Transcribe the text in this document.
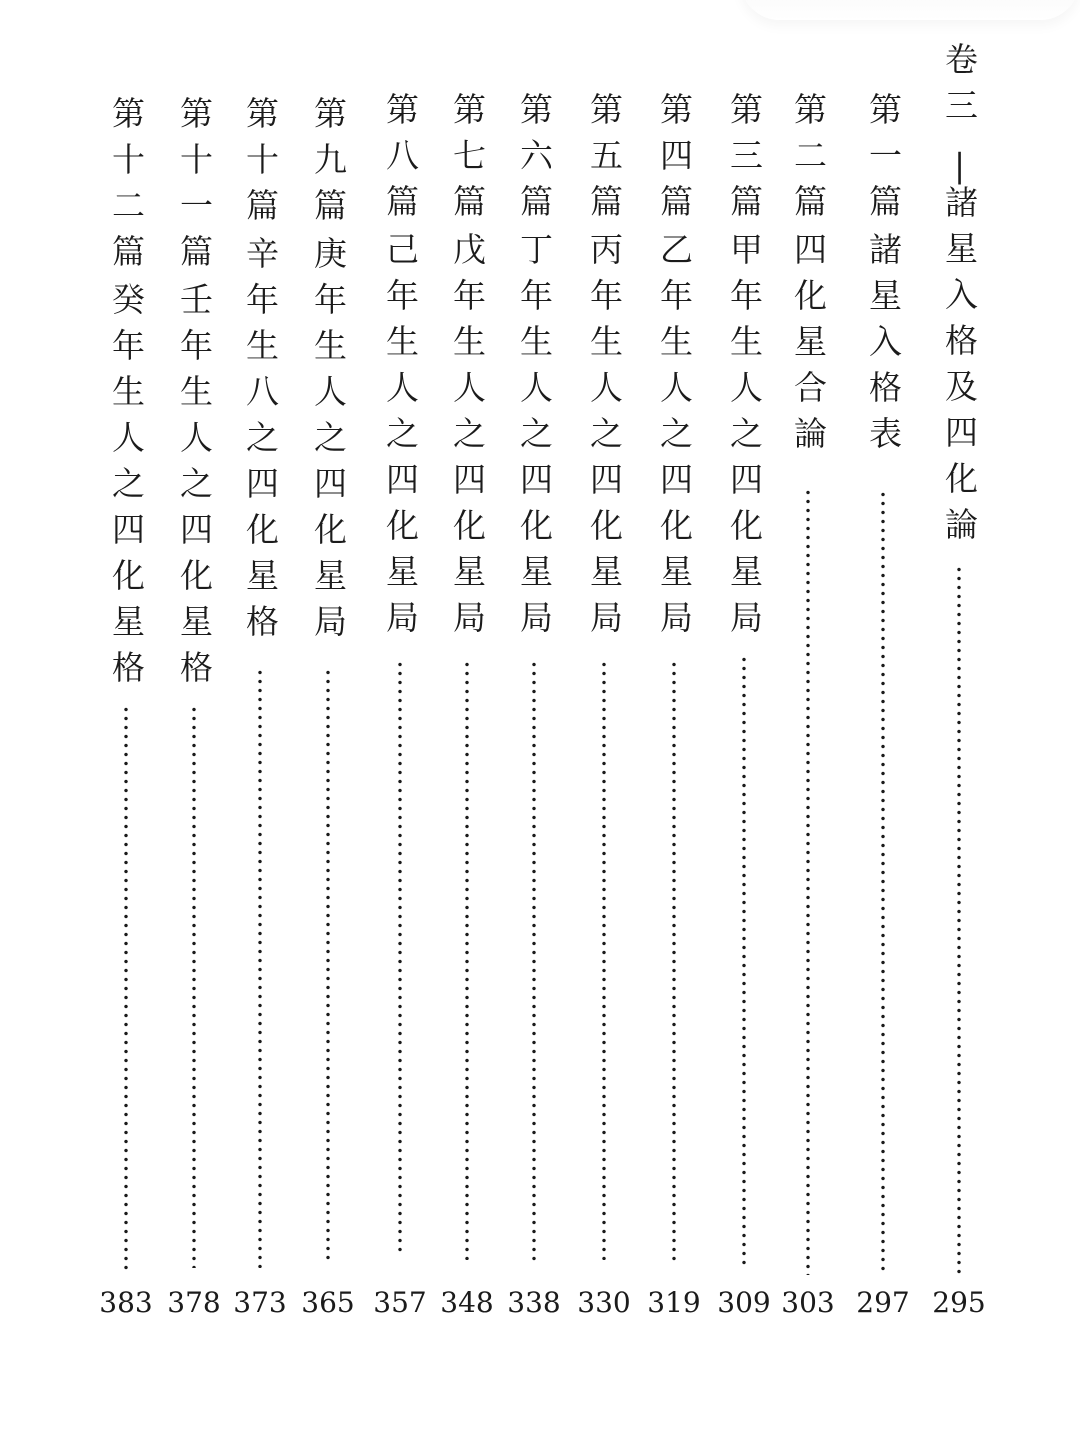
卷三
|
諸星入格及四化論
295
第一篇
諸星入格表
297
第二篇
四化星合論
303
第三篇
甲年生人之四化星局
309
第四篇
乙年生人之四化星局
319
第五篇
丙年生人之四化星局
330
第六篇
丁年生人之四化星局
338
第七篇
戊年生人之四化星局
348
第八篇
己年生人之四化星局
357
第九篇
庚年生人之四化星局
365
第十篇
辛年生八之四化星格
373
第十一篇
壬年生人之四化星格
378
第十二篇
癸年生人之四化星格
383
